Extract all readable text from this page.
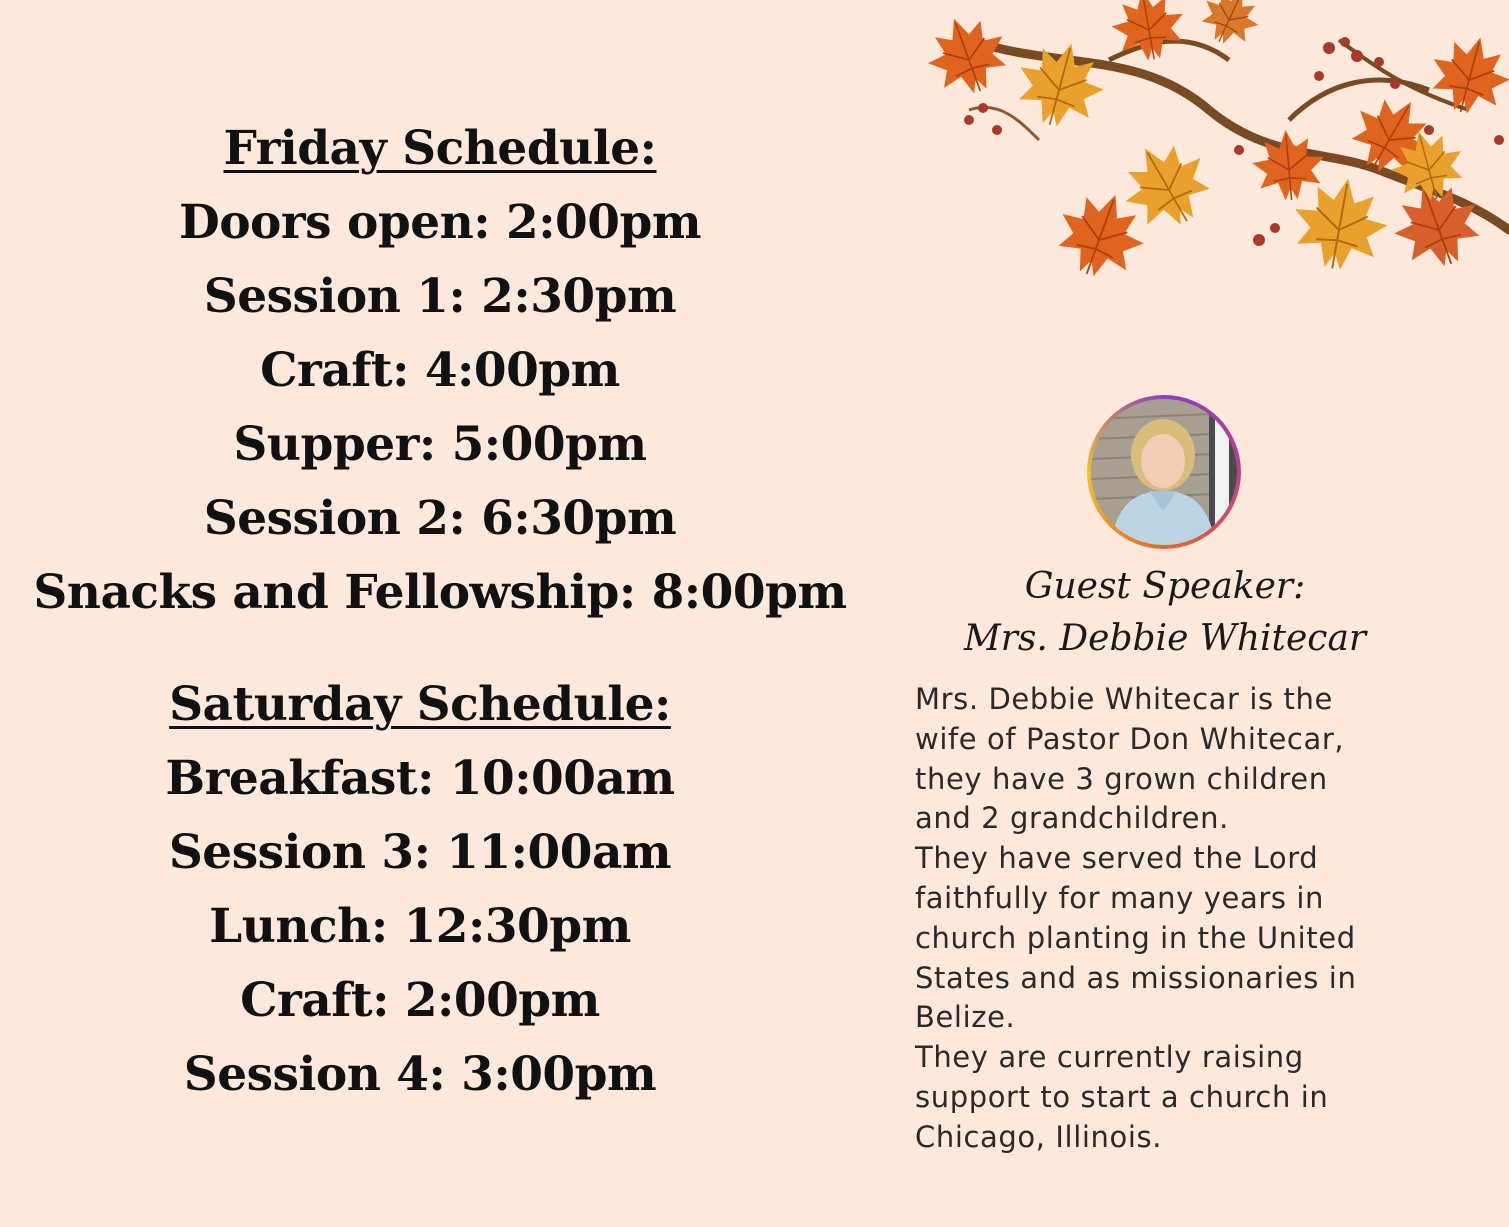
Friday Schedule:
Doors open: 2:00pm
Session 1: 2:30pm
Craft: 4:00pm
Supper: 5:00pm
Session 2: 6:30pm
Snacks and Fellowship: 8:00pm
Saturday Schedule:
Breakfast: 10:00am
Session 3: 11:00am
Lunch: 12:30pm
Craft: 2:00pm
Session 4: 3:00pm
Guest Speaker:
Mrs. Debbie Whitecar
Mrs. Debbie Whitecar is the
wife of Pastor Don Whitecar,
they have 3 grown children
and 2 grandchildren.
They have served the Lord
faithfully for many years in
church planting in the United
States and as missionaries in
Belize.
They are currently raising
support to start a church in
Chicago, Illinois.
